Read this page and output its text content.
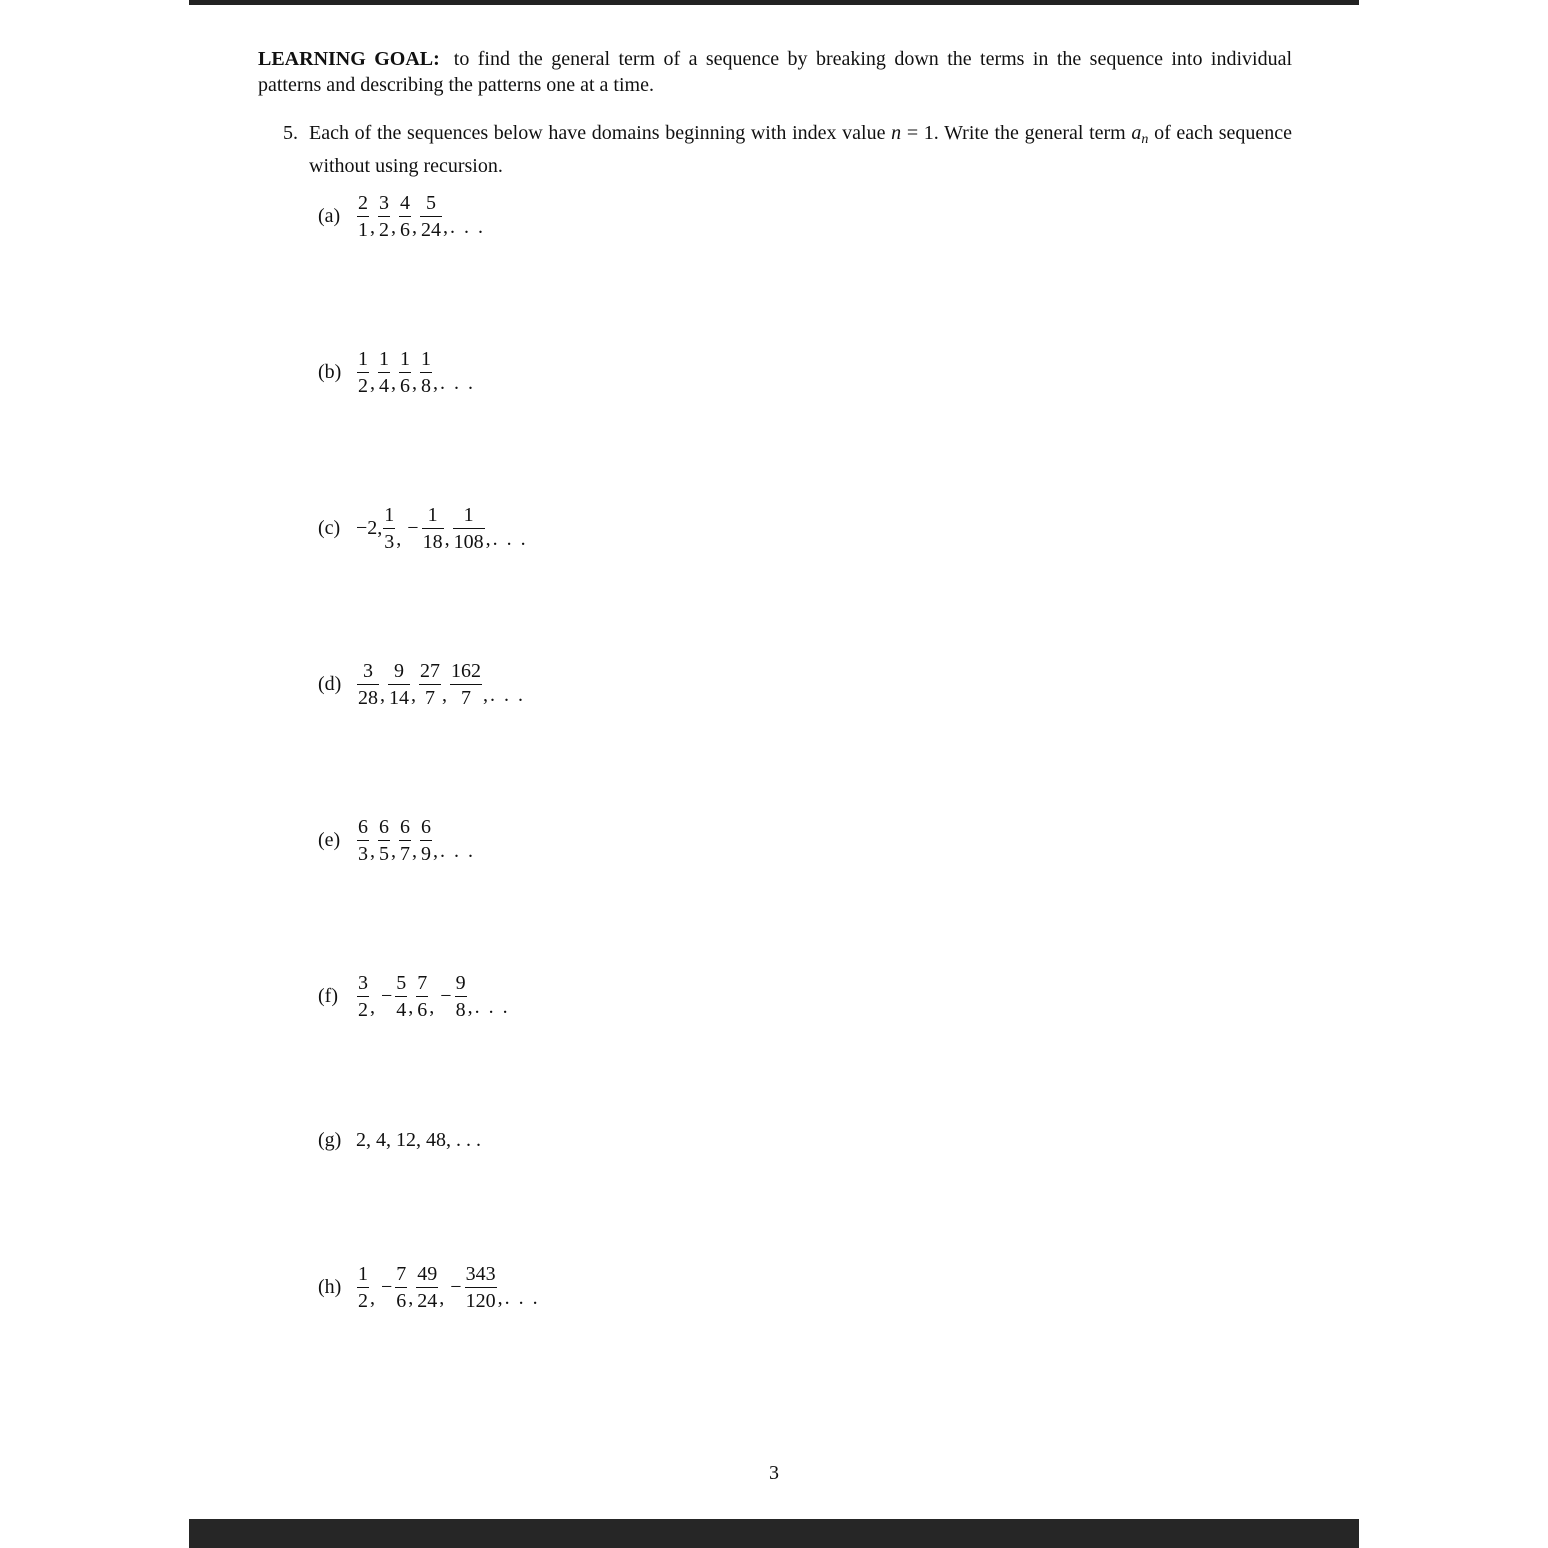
LEARNING GOAL: to find the general term of a sequence by breaking down the terms in the sequence into individual patterns and describing the patterns one at a time.
5. Each of the sequences below have domains beginning with index value n = 1. Write the general term $a_n$ of each sequence without using recursion.
$(a) \frac{2}{1}$ , $\frac{3}{2}$ , $\frac{4}{6}$ , $\frac{5}{24}$ , . . .
$(b) \frac{1}{2}$ , $\frac{1}{4}$ , $\frac{1}{6}$ , $\frac{1}{8}$ , . . .
(c) −2, $\frac{1}{3}$ , − $\frac{1}{18}$ , $\frac{1}{108}$ , . . .
$(d) \frac{3}{28}$ , $\frac{9}{14}$ , $\frac{27}{7}$ , $\frac{162}{7}$ , . . .
$(e) \frac{6}{3}$ , $\frac{6}{5}$ , $\frac{6}{7}$ , $\frac{6}{9}$ , . . .
$(f) \frac{3}{2}$ , − $\frac{5}{4}$ , $\frac{7}{6}$ , − $\frac{9}{8}$ , . . .
(g) 2, 4, 12, 48, . . .
$(h) \frac{1}{2}$ , − $\frac{7}{6}$ , $\frac{49}{24}$ , − $\frac{343}{120}$ , . . .
3
